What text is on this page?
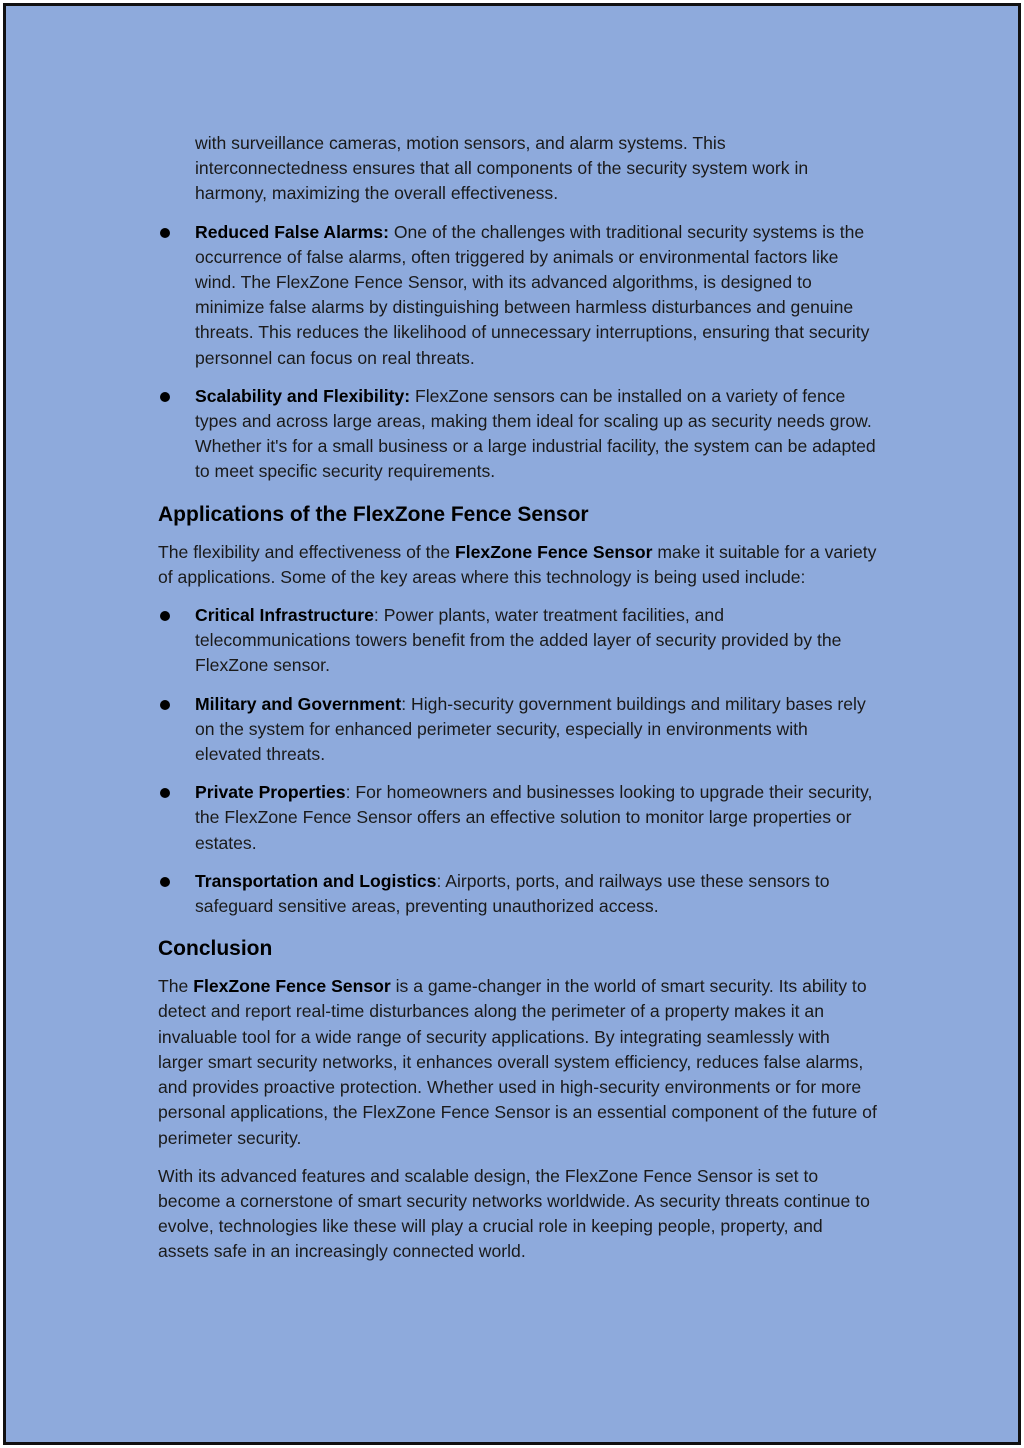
with surveillance cameras, motion sensors, and alarm systems. This interconnectedness ensures that all components of the security system work in harmony, maximizing the overall effectiveness.

Reduced False Alarms: One of the challenges with traditional security systems is the occurrence of false alarms, often triggered by animals or environmental factors like wind. The FlexZone Fence Sensor, with its advanced algorithms, is designed to minimize false alarms by distinguishing between harmless disturbances and genuine threats. This reduces the likelihood of unnecessary interruptions, ensuring that security personnel can focus on real threats.
Scalability and Flexibility: FlexZone sensors can be installed on a variety of fence types and across large areas, making them ideal for scaling up as security needs grow. Whether it's for a small business or a large industrial facility, the system can be adapted to meet specific security requirements.
Applications of the FlexZone Fence Sensor

The flexibility and effectiveness of the FlexZone Fence Sensor make it suitable for a variety of applications. Some of the key areas where this technology is being used include:

Critical Infrastructure: Power plants, water treatment facilities, and telecommunications towers benefit from the added layer of security provided by the FlexZone sensor.
Military and Government: High-security government buildings and military bases rely on the system for enhanced perimeter security, especially in environments with elevated threats.
Private Properties: For homeowners and businesses looking to upgrade their security, the FlexZone Fence Sensor offers an effective solution to monitor large properties or estates.
Transportation and Logistics: Airports, ports, and railways use these sensors to safeguard sensitive areas, preventing unauthorized access.
Conclusion

The FlexZone Fence Sensor is a game-changer in the world of smart security. Its ability to detect and report real-time disturbances along the perimeter of a property makes it an invaluable tool for a wide range of security applications. By integrating seamlessly with larger smart security networks, it enhances overall system efficiency, reduces false alarms, and provides proactive protection. Whether used in high-security environments or for more personal applications, the FlexZone Fence Sensor is an essential component of the future of perimeter security.

With its advanced features and scalable design, the FlexZone Fence Sensor is set to become a cornerstone of smart security networks worldwide. As security threats continue to evolve, technologies like these will play a crucial role in keeping people, property, and assets safe in an increasingly connected world.
